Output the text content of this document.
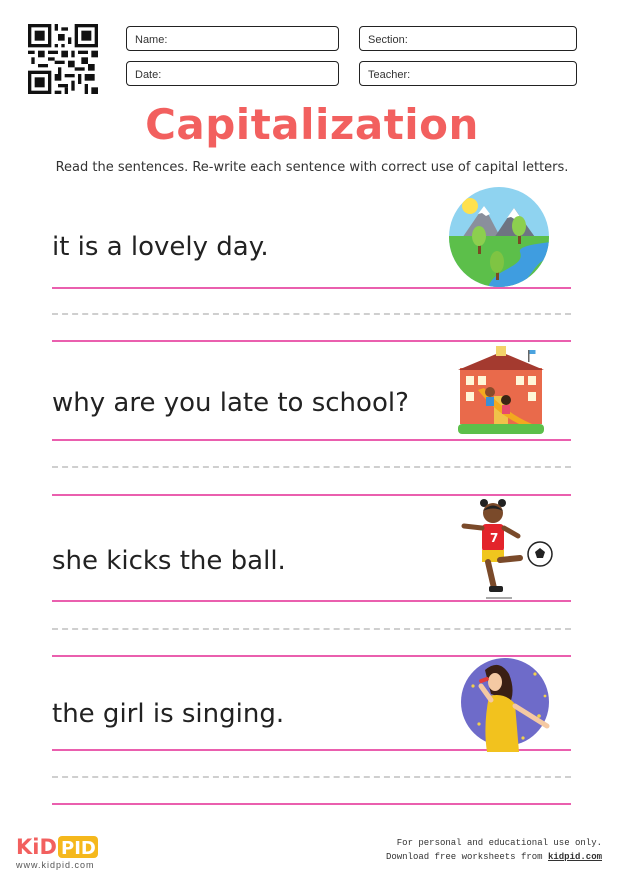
Name:	Section:
Date:	Teacher:
Capitalization
Read the sentences. Re-write each sentence with correct use of capital letters.
it is a lovely day.
why are you late to school?
she kicks the ball.
the girl is singing.
7
KiD PID
www.kidpid.com
For personal and educational use only.
Download free worksheets from kidpid.com
